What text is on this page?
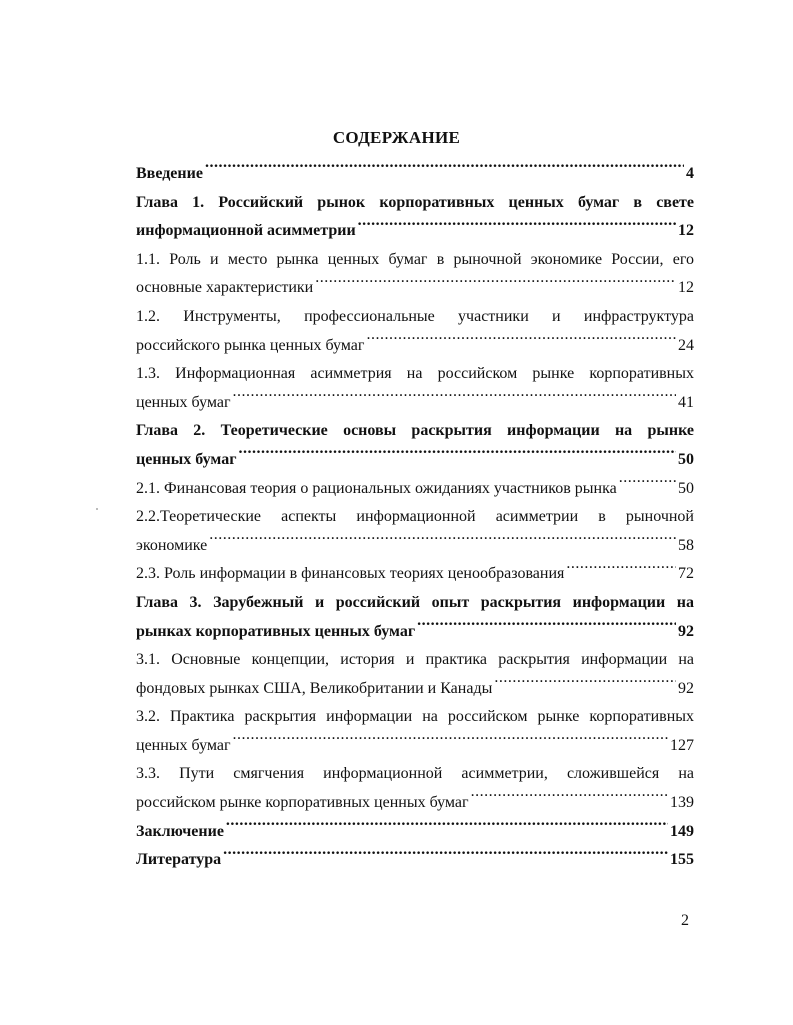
СОДЕРЖАНИЕ
Введение .....	4
Глава 1. Российский рынок корпоративных ценных бумаг в свете
информационной асимметрии .....	12
1.1. Роль и место рынка ценных бумаг в рыночной экономике России, его
основные характеристики .....	12
1.2. Инструменты, профессиональные участники и инфраструктура
российского рынка ценных бумаг .....	24
1.3. Информационная асимметрия на российском рынке корпоративных
ценных бумаг .....	41
Глава 2. Теоретические основы раскрытия информации на рынке
ценных бумаг .....	50
2.1. Финансовая теория о рациональных ожиданиях участников рынка .....	50
2.2.Теоретические аспекты информационной асимметрии в рыночной
экономике .....	58
2.3. Роль информации в финансовых теориях ценообразования .....	72
Глава 3. Зарубежный и российский опыт раскрытия информации на
рынках корпоративных ценных бумаг .....	92
3.1. Основные концепции, история и практика раскрытия информации на
фондовых рынках США, Великобритании и Канады .....	92
3.2. Практика раскрытия информации на российском рынке корпоративных
ценных бумаг .....	127
3.3. Пути смягчения информационной асимметрии, сложившейся на
российском рынке корпоративных ценных бумаг .....	139
Заключение .....	149
Литература .....	155
2
